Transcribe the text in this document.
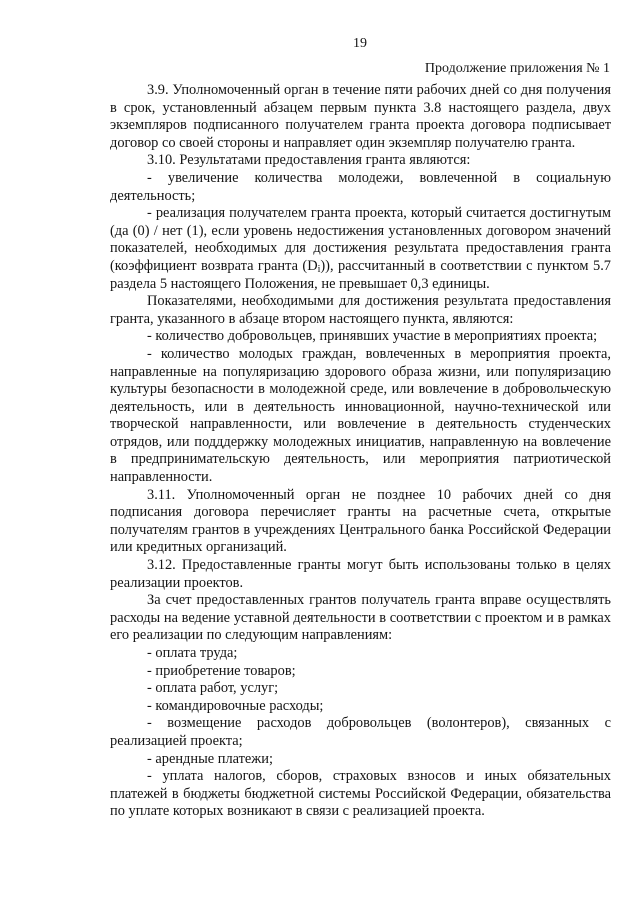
19
Продолжение приложения № 1

3.9. Уполномоченный орган в течение пяти рабочих дней со дня получения в срок, установленный абзацем первым пункта 3.8 настоящего раздела, двух экземпляров подписанного получателем гранта проекта договора подписывает договор со своей стороны и направляет один экземпляр получателю гранта.

3.10. Результатами предоставления гранта являются:

- увеличение количества молодежи, вовлеченной в социальную деятельность;

- реализация получателем гранта проекта, который считается достигнутым (да (0) / нет (1), если уровень недостижения установленных договором значений показателей, необходимых для достижения результата предоставления гранта (коэффициент возврата гранта $(D_i)$), рассчитанный в соответствии с пунктом 5.7 раздела 5 настоящего Положения, не превышает 0,3 единицы.

Показателями, необходимыми для достижения результата предоставления гранта, указанного в абзаце втором настоящего пункта, являются:

- количество добровольцев, принявших участие в мероприятиях проекта;

- количество молодых граждан, вовлеченных в мероприятия проекта, направленные на популяризацию здорового образа жизни, или популяризацию культуры безопасности в молодежной среде, или вовлечение в добровольческую деятельность, или в деятельность инновационной, научно-технической или творческой направленности, или вовлечение в деятельность студенческих отрядов, или подддержку молодежных инициатив, направленную на вовлечение в предпринимательскую деятельность, или мероприятия патриотической направленности.

3.11. Уполномоченный орган не позднее 10 рабочих дней со дня подписания договора перечисляет гранты на расчетные счета, открытые получателям грантов в учреждениях Центрального банка Российской Федерации или кредитных организаций.

3.12. Предоставленные гранты могут быть использованы только в целях реализации проектов.

За счет предоставленных грантов получатель гранта вправе осуществлять расходы на ведение уставной деятельности в соответствии с проектом и в рамках его реализации по следующим направлениям:

- оплата труда;

- приобретение товаров;

- оплата работ, услуг;

- командировочные расходы;

- возмещение расходов добровольцев (волонтеров), связанных с реализацией проекта;

- арендные платежи;

- уплата налогов, сборов, страховых взносов и иных обязательных платежей в бюджеты бюджетной системы Российской Федерации, обязательства по уплате которых возникают в связи с реализацией проекта.
